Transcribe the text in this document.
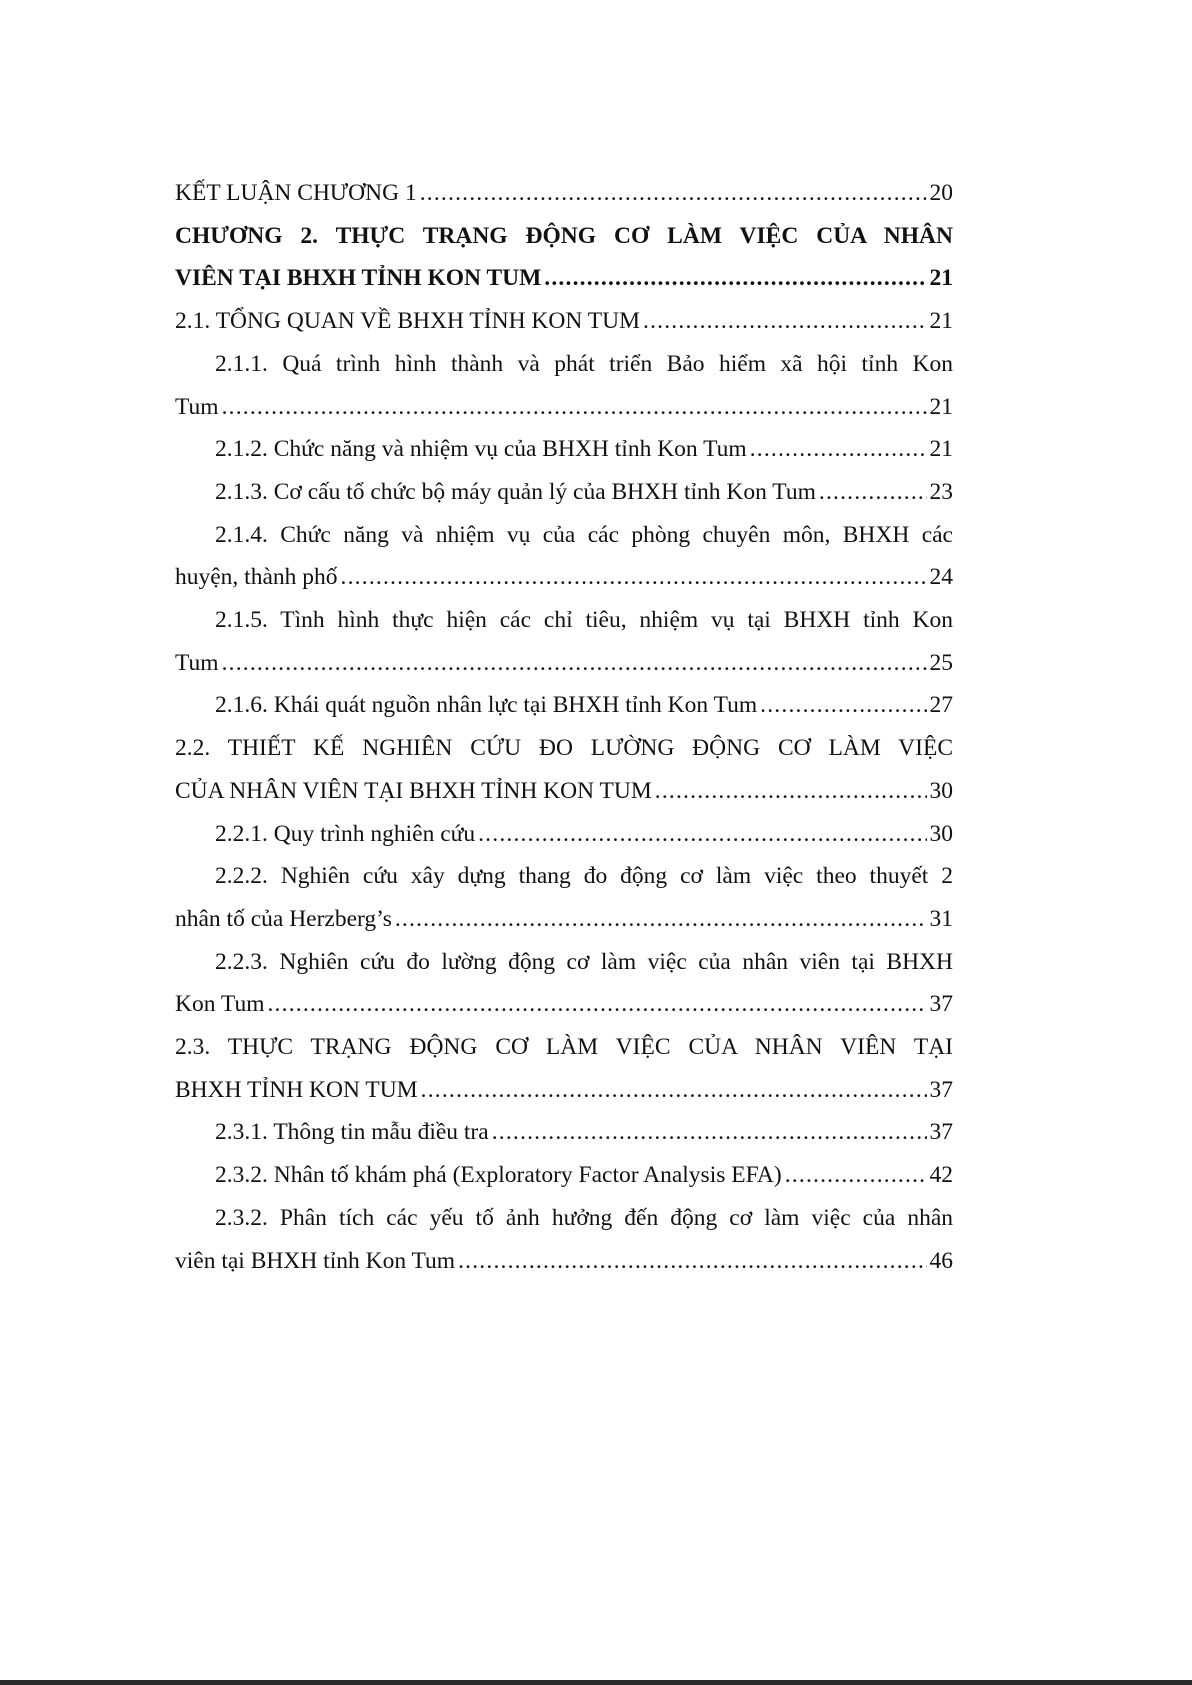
KẾT LUẬN CHƯƠNG 1 .....	20
CHƯƠNG 2. THỰC TRẠNG ĐỘNG CƠ LÀM VIỆC CỦA NHÂN
VIÊN TẠI BHXH TỈNH KON TUM .....	21
2.1. TỔNG QUAN VỀ BHXH TỈNH KON TUM .....	21
2.1.1. Quá trình hình thành và phát triển Bảo hiểm xã hội tỉnh Kon
Tum .....	21
2.1.2. Chức năng và nhiệm vụ của BHXH tỉnh Kon Tum .....	21
2.1.3. Cơ cấu tổ chức bộ máy quản lý của BHXH tỉnh Kon Tum .....	23
2.1.4. Chức năng và nhiệm vụ của các phòng chuyên môn, BHXH các
huyện, thành phố .....	24
2.1.5. Tình hình thực hiện các chỉ tiêu, nhiệm vụ tại BHXH tỉnh Kon
Tum .....	25
2.1.6. Khái quát nguồn nhân lực tại BHXH tỉnh Kon Tum .....	27
2.2. THIẾT KẾ NGHIÊN CỨU ĐO LƯỜNG ĐỘNG CƠ LÀM VIỆC
CỦA NHÂN VIÊN TẠI BHXH TỈNH KON TUM .....	30
2.2.1. Quy trình nghiên cứu .....	30
2.2.2. Nghiên cứu xây dựng thang đo động cơ làm việc theo thuyết 2
nhân tố của Herzberg’s .....	31
2.2.3. Nghiên cứu đo lường động cơ làm việc của nhân viên tại BHXH
Kon Tum .....	37
2.3. THỰC TRẠNG ĐỘNG CƠ LÀM VIỆC CỦA NHÂN VIÊN TẠI
BHXH TỈNH KON TUM .....	37
2.3.1. Thông tin mẫu điều tra .....	37
2.3.2. Nhân tố khám phá (Exploratory Factor Analysis EFA) .....	42
2.3.2. Phân tích các yếu tố ảnh hưởng đến động cơ làm việc của nhân
viên tại BHXH tỉnh Kon Tum .....	46
